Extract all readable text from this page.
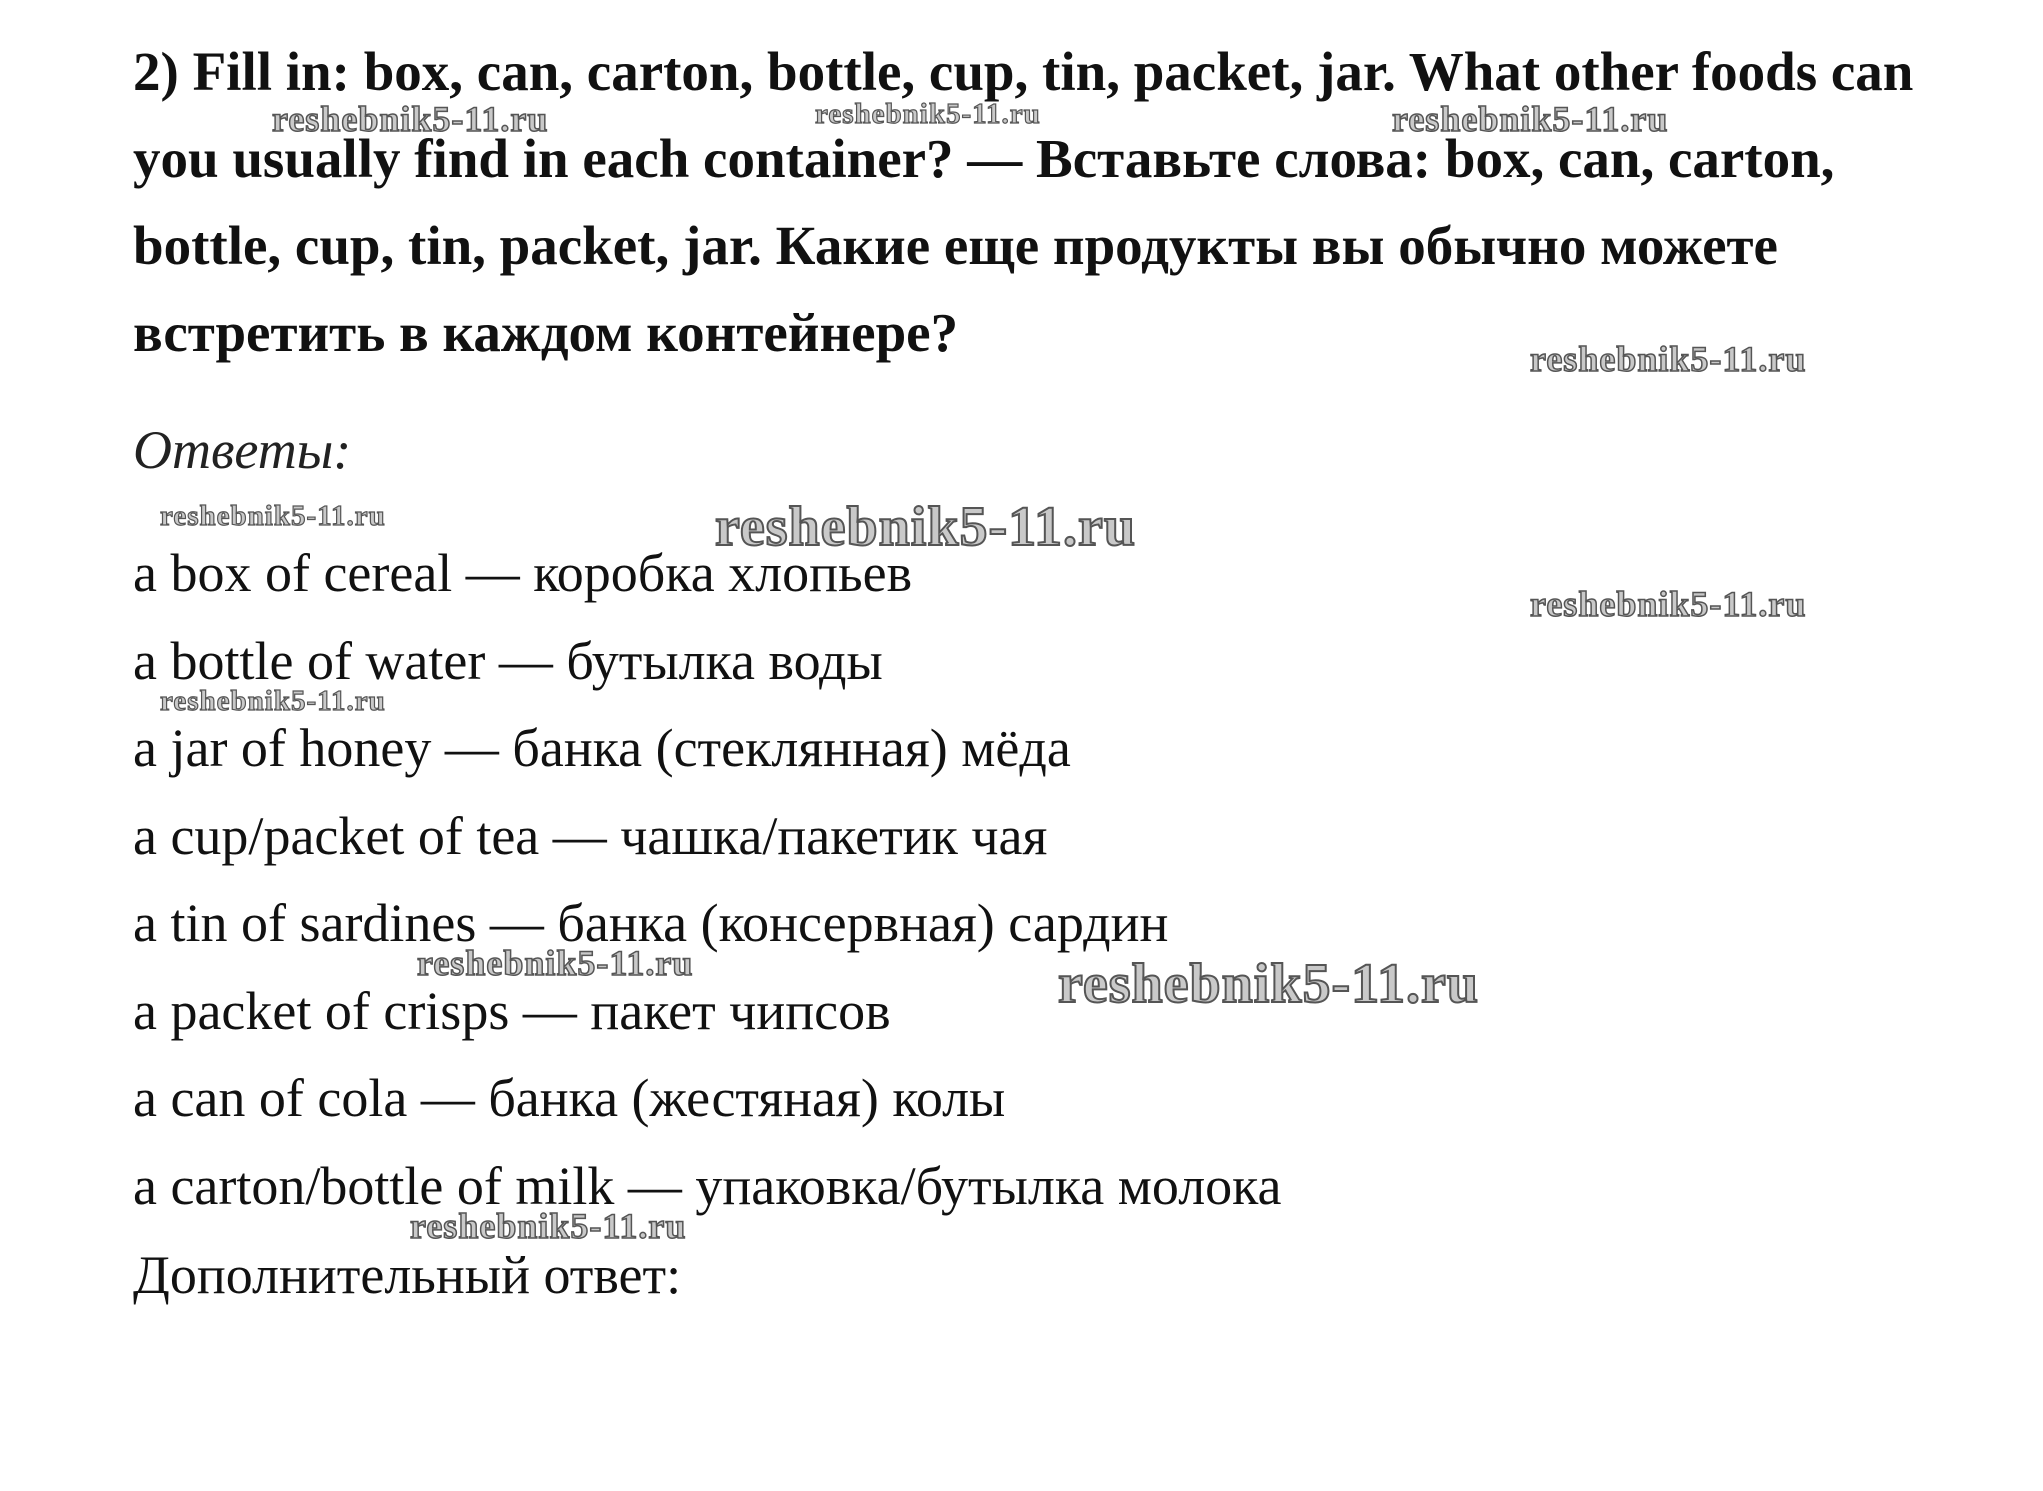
2) Fill in: box, can, carton, bottle, cup, tin, packet, jar. What other foods can you usually find in each container? — Вставьте слова: box, can, carton, bottle, cup, tin, packet, jar. Какие еще продукты вы обычно можете встретить в каждом контейнере?

Ответы:

a box of cereal — коробка хлопьев
a bottle of water — бутылка воды
a jar of honey — банка (стеклянная) мёда
a cup/packet of tea — чашка/пакетик чая
a tin of sardines — банка (консервная) сардин
a packet of crisps — пакет чипсов
a can of cola — банка (жестяная) колы
a carton/bottle of milk — упаковка/бутылка молока

Дополнительный ответ:

reshebnik5-11.ru	reshebnik5-11.ru	reshebnik5-11.ru
reshebnik5-11.ru
reshebnik5-11.ru	reshebnik5-11.ru
reshebnik5-11.ru
reshebnik5-11.ru
reshebnik5-11.ru	reshebnik5-11.ru
reshebnik5-11.ru
